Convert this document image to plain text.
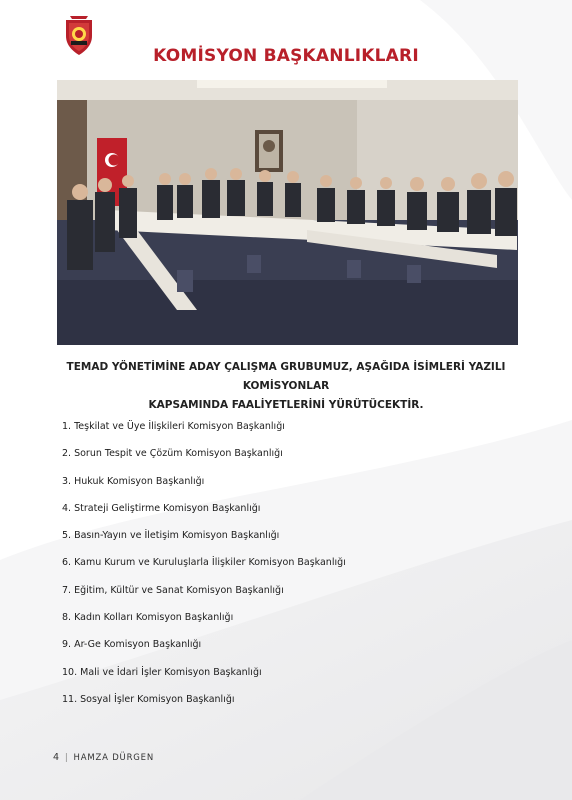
KOMİSYON BAŞKANLIKLARI
TEMAD YÖNETİMİNE ADAY ÇALIŞMA GRUBUMUZ, AŞAĞIDA İSİMLERİ YAZILI KOMİSYONLAR
KAPSAMINDA FAALİYETLERİNİ YÜRÜTÜCEKTİR.
1. Teşkilat ve Üye İlişkileri Komisyon Başkanlığı
2. Sorun Tespit ve Çözüm Komisyon Başkanlığı
3. Hukuk Komisyon Başkanlığı
4. Strateji Geliştirme Komisyon Başkanlığı
5. Basın-Yayın ve İletişim Komisyon Başkanlığı
6. Kamu Kurum ve Kuruluşlarla İlişkiler Komisyon Başkanlığı
7. Eğitim, Kültür ve Sanat Komisyon Başkanlığı
8. Kadın Kolları Komisyon Başkanlığı
9. Ar-Ge Komisyon Başkanlığı
10. Mali ve İdari İşler Komisyon Başkanlığı
11. Sosyal İşler Komisyon Başkanlığı
4 | HAMZA DÜRGEN
